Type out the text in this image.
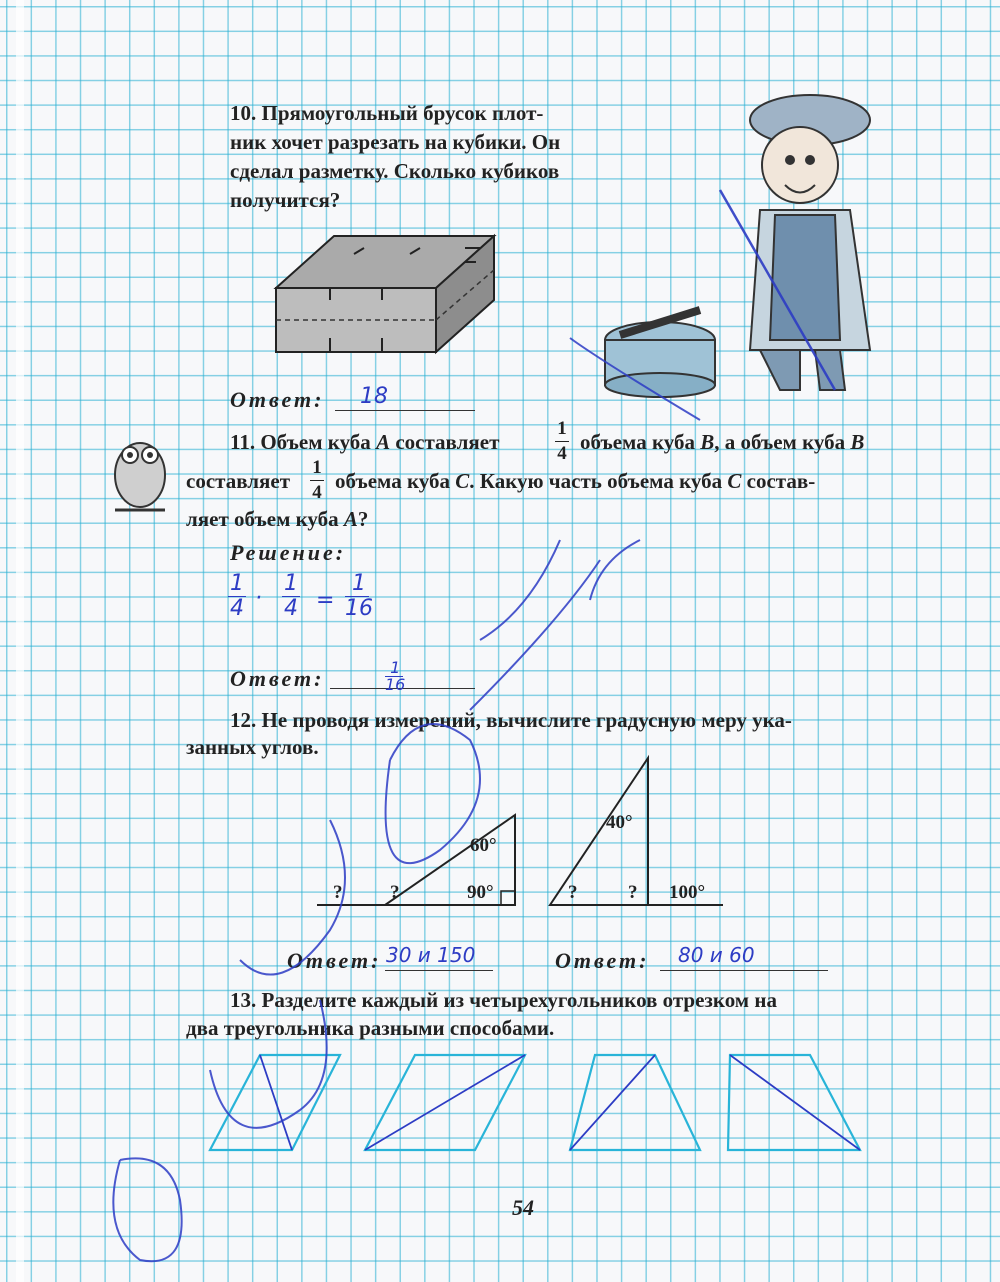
10. Прямоугольный брусок плот-
ник хочет разрезать на кубики. Он
сделал разметку. Сколько кубиков
получится?
Ответ: 18
11. Объем куба A составляет
1
4 объема куба B, а объем куба B
составляет
1
4 объема куба C. Какую часть объема куба C состав-
ляет объем куба A?
Решение:
1
4 ·
1
4 =
1
16
Ответ:	1
16
12. Не проводя измерений, вычислите градусную меру ука-
занных углов.
60°
90°
?	?
40°
100°
?	?
Ответ: 30 и 150	Ответ: 80 и 60
13. Разделите каждый из четырехугольников отрезком на
два треугольника разными способами.
54
